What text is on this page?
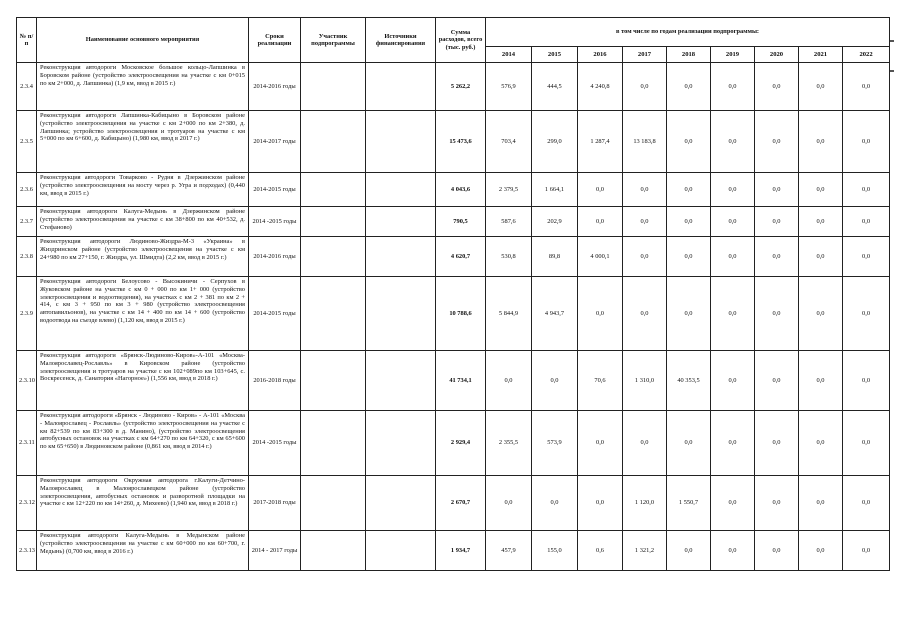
№ п/п	Наименование основного мероприятия	Сроки реализации	Участник подпрограммы	Источники финансирования	Сумма расходов, всего (тыс. руб.)	в том числе по годам реализации подпрограммы:								
						2014	2015	2016	2017	2018	2019	2020	2021	2022
2.3.4	Реконструкция автодороги Московское большое кольцо-Лапшинка в Боровском районе (устройство электроосвещения на участке с км 0+015 по км 2+000, д. Лапшинка) (1,9 км, ввод в 2015 г.)	2014-2016 годы			5 262,2	576,9	444,5	4 240,8	0,0	0,0	0,0	0,0	0,0	0,0
2.3.5	Реконструкция автодороги Лапшинка-Кабицыно в Боровском районе (устройство электроосвещения на участке с км 2+000 по км 2+380, д. Лапшинка; устройство электроосвещения и тротуаров на участке с км 5+000 по км 6+600, д. Кабицыно) (1,980 км, ввод в 2017 г.)	2014-2017 годы			15 473,6	703,4	299,0	1 287,4	13 183,8	0,0	0,0	0,0	0,0	0,0
2.3.6	Реконструкция автодороги Товарково - Рудня в Дзержинском районе (устройство электроосвещения на мосту через р. Угра и подходах) (0,440 км, ввод в 2015 г.)	2014-2015 годы			4 043,6	2 379,5	1 664,1	0,0	0,0	0,0	0,0	0,0	0,0	0,0
2.3.7	Реконструкция автодороги Калуга-Медынь в Дзержинском районе (устройство электроосвещения на участке с км 38+800 по км 40+532, д. Стефаново)	2014 -2015 годы			790,5	587,6	202,9	0,0	0,0	0,0	0,0	0,0	0,0	0,0
2.3.8	Реконструкция автодороги Людиново-Жиздра-М-3 «Украина» в Жиздринском районе (устройство электроосвещения на участке с км 24+980 по км 27+150, г. Жиздра, ул. Шмидта) (2,2 км, ввод в 2015 г.)	2014-2016 годы			4 620,7	530,8	89,8	4 000,1	0,0	0,0	0,0	0,0	0,0	0,0
2.3.9	Реконструкция автодороги Белоусово - Высокиничи - Серпухов в Жуковском районе на участке с км 0 + 000 по км 1+ 000 (устройство электроосвещения и водоотведения), на участках с км 2 + 381 по км 2 + 414, с км 3 + 950 по км 3 + 980 (устройство электроосвещения автопавильонов), на участке с км 14 + 400 по км 14 + 600 (устройство водоотвода на съезде влево) (1,120 км, ввод в 2015 г.)	2014-2015 годы			10 788,6	5 844,9	4 943,7	0,0	0,0	0,0	0,0	0,0	0,0	0,0
2.3.10	Реконструкция автодороги «Брянск-Людиново-Киров»-А-101 «Москва-Малоярославец-Рославль» в Кировском районе (устройство электроосвещения и тротуаров на участке с км 102+089по км 103+645, с. Воскресенск, д. Санатория «Нагорное») (1,556 км, ввод в 2018 г.)	2016-2018 годы			41 734,1	0,0	0,0	70,6	1 310,0	40 353,5	0,0	0,0	0,0	0,0
2.3.11	Реконструкция автодороги «Брянск - Людиново - Киров» - А-101 «Москва - Малоярославец - Рославль» (устройство электроосвещения на участке с км 82+539 по км 83+300 в д. Манино), (устройство электроосвещения автобусных остановок на участках с км 64+270 по км 64+320, с км 65+600 по км 65+650) в Людиновском районе (0,861 км, ввод в 2014 г.)	2014 -2015 годы			2 929,4	2 355,5	573,9	0,0	0,0	0,0	0,0	0,0	0,0	0,0
2.3.12	Реконструкция автодороги Окружная автодорога г.Калуги-Детчино-Малоярославец в Малоярославецком районе (устройство электроосвещения, автобусных остановок и разворотной площадки на участке с км 12+220 по км 14+260, д. Михеево) (1,940 км, ввод в 2018 г.)	2017-2018 годы			2 670,7	0,0	0,0	0,0	1 120,0	1 550,7	0,0	0,0	0,0	0,0
2.3.13	Реконструкция автодороги Калуга-Медынь в Медынском районе (устройство электроосвещения на участке с км 60+000 по км 60+700, г. Медынь) (0,700 км, ввод в 2016 г.)	2014 - 2017 годы			1 934,7	457,9	155,0	0,6	1 321,2	0,0	0,0	0,0	0,0	0,0
